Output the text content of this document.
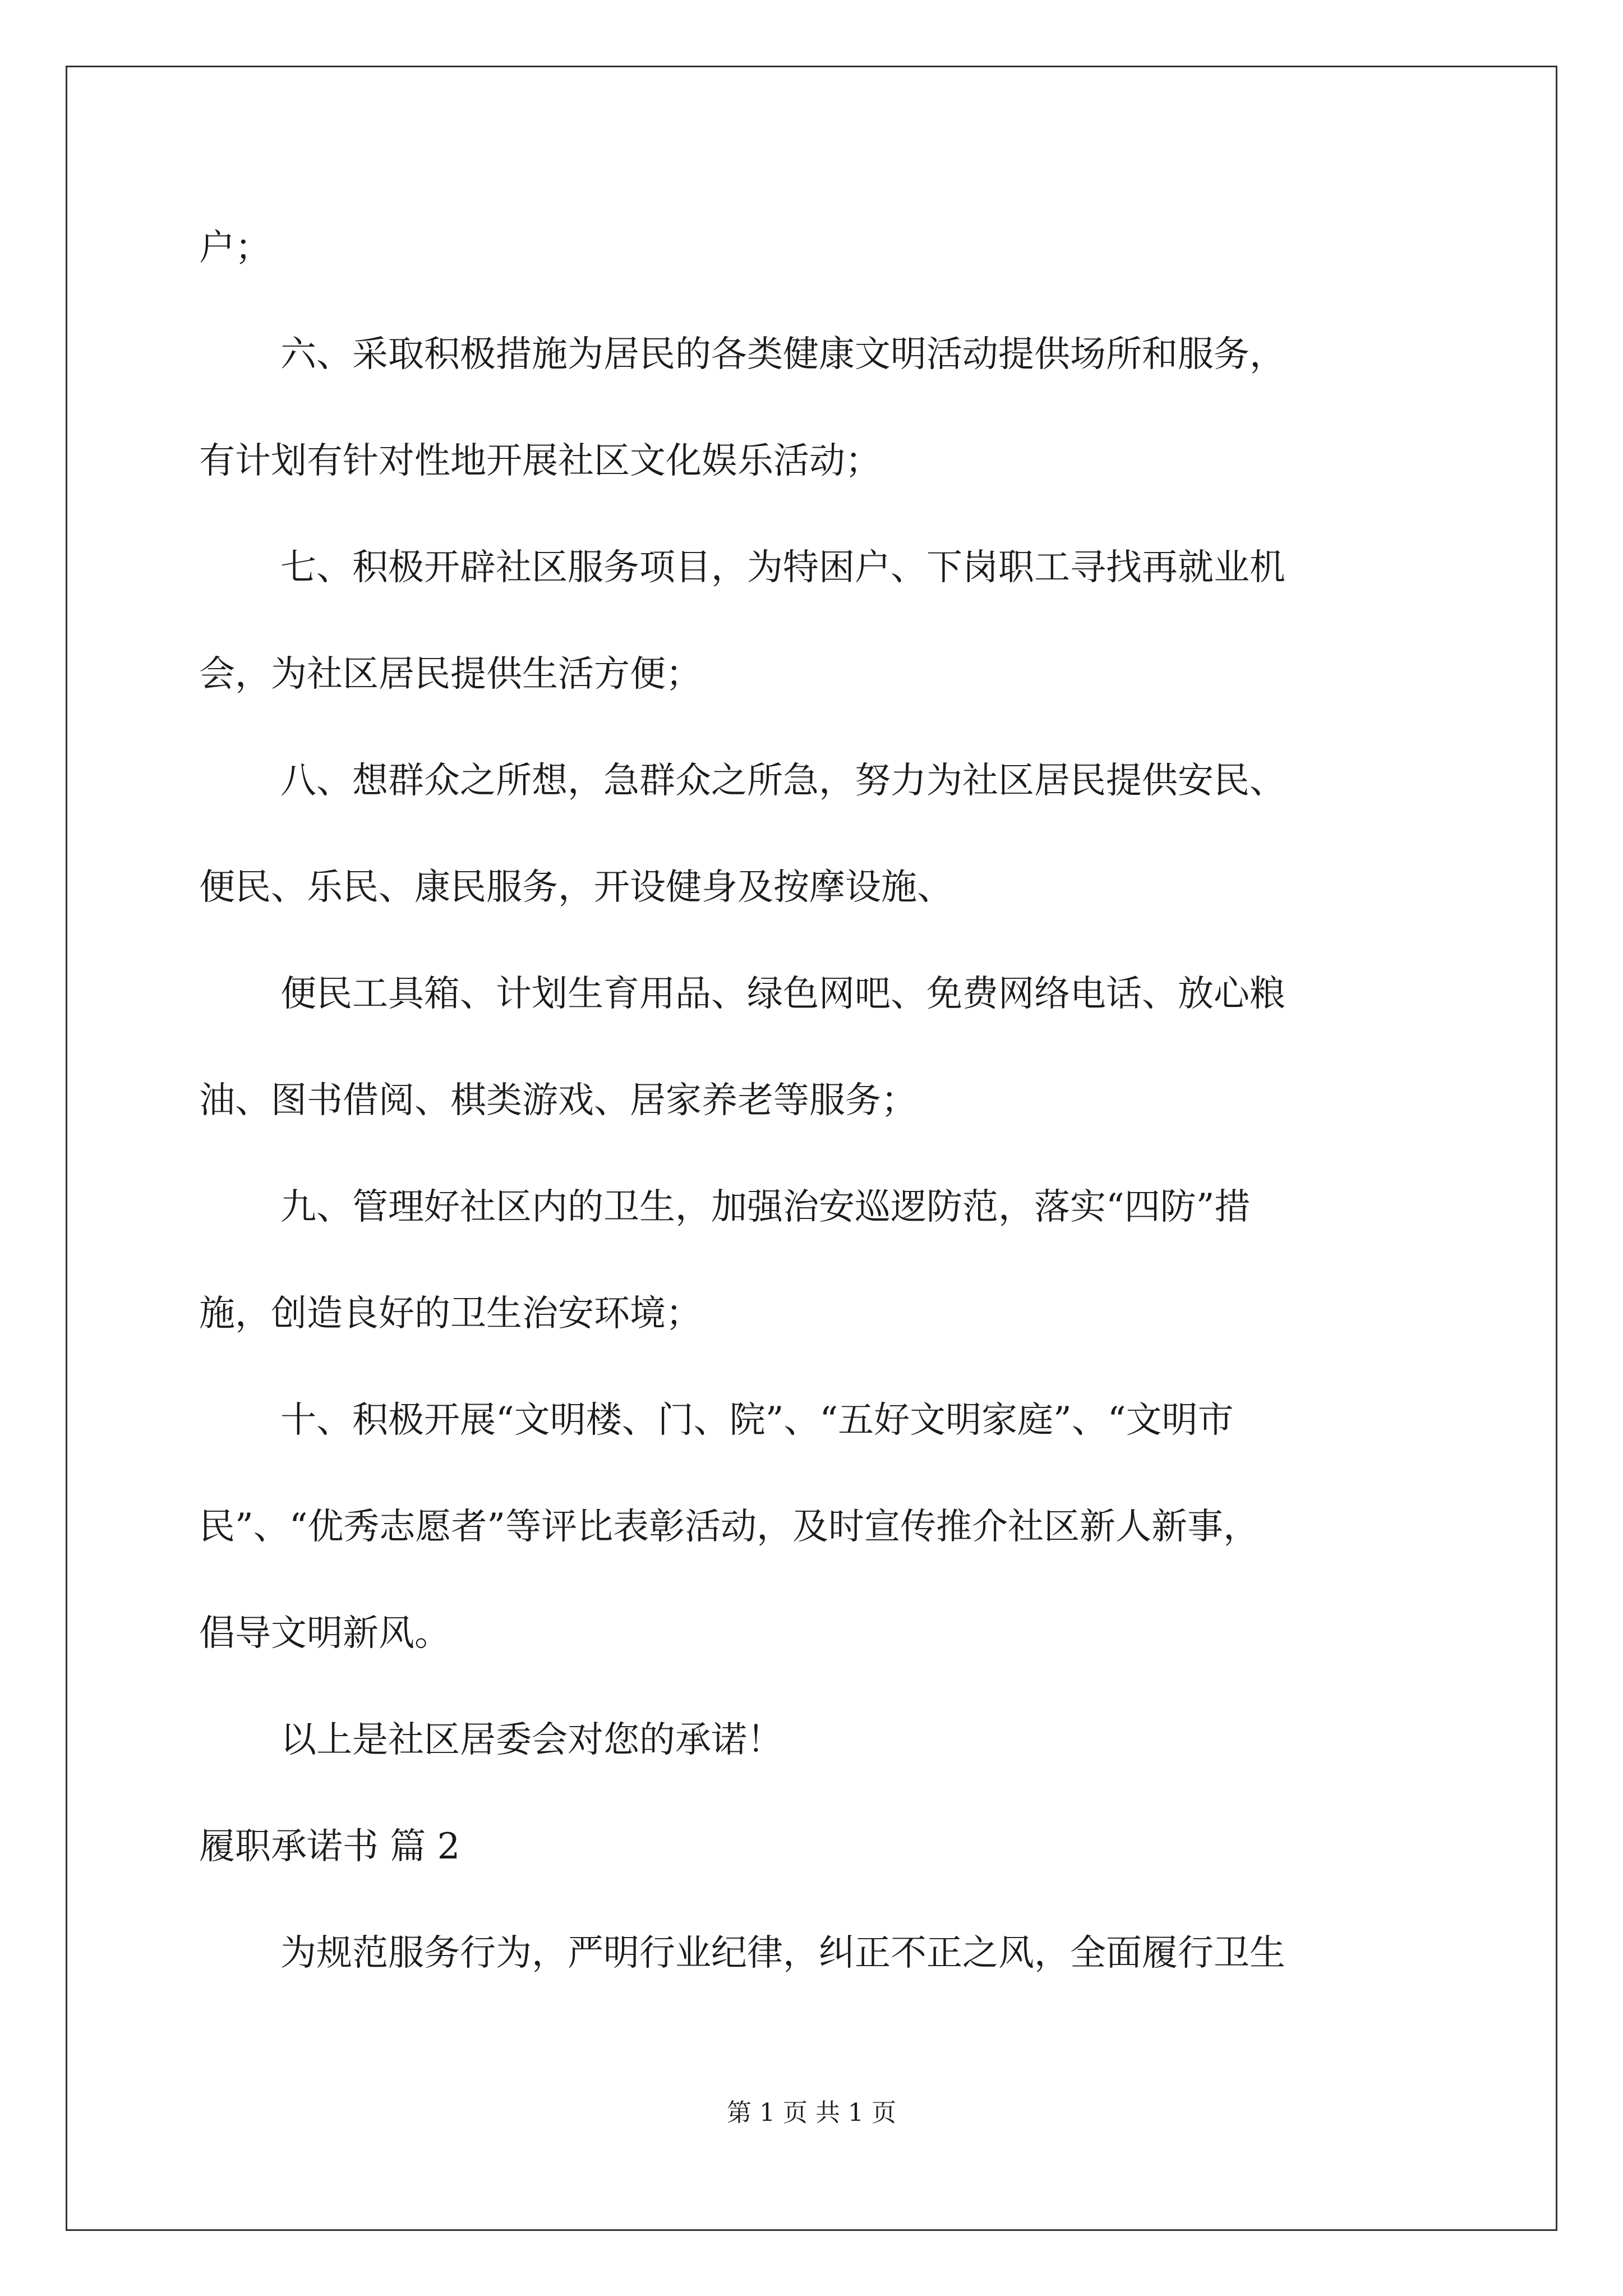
户；
六、采取积极措施为居民的各类健康文明活动提供场所和服务，
有计划有针对性地开展社区文化娱乐活动；
七、积极开辟社区服务项目，为特困户、下岗职工寻找再就业机
会，为社区居民提供生活方便；
八、想群众之所想，急群众之所急，努力为社区居民提供安民、
便民、乐民、康民服务，开设健身及按摩设施、
便民工具箱、计划生育用品、绿色网吧、免费网络电话、放心粮
油、图书借阅、棋类游戏、居家养老等服务；
九、管理好社区内的卫生，加强治安巡逻防范，落实“四防”措
施，创造良好的卫生治安环境；
十、积极开展“文明楼、门、院”、“五好文明家庭”、“文明市
民”、“优秀志愿者”等评比表彰活动，及时宣传推介社区新人新事，
倡导文明新风。
以上是社区居委会对您的承诺！
履职承诺书 篇 2
为规范服务行为，严明行业纪律，纠正不正之风，全面履行卫生
第 1 页 共 1 页
